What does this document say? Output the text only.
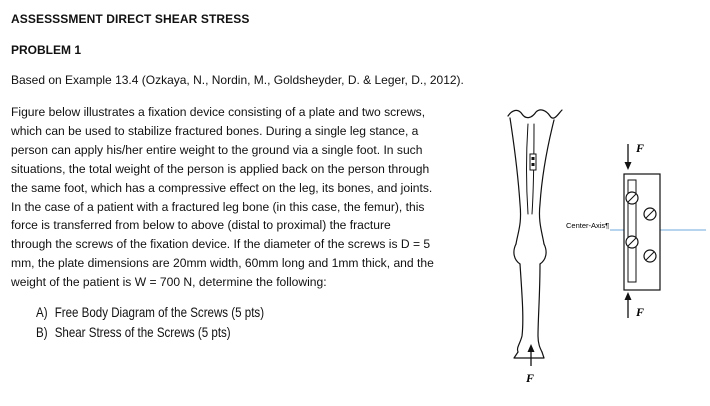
ASSESSSMENT DIRECT SHEAR STRESS
PROBLEM 1
Based on Example 13.4 (Ozkaya, N., Nordin, M., Goldsheyder, D. & Leger, D., 2012).
Figure below illustrates a fixation device consisting of a plate and two screws,
which can be used to stabilize fractured bones. During a single leg stance, a
person can apply his/her entire weight to the ground via a single foot. In such
situations, the total weight of the person is applied back on the person through
the same foot, which has a compressive effect on the leg, its bones, and joints.
In the case of a patient with a fractured leg bone (in this case, the femur), this
force is transferred from below to above (distal to proximal) the fracture
through the screws of the fixation device. If the diameter of the screws is D = 5
mm, the plate dimensions are 20mm width, 60mm long and 1mm thick, and the
weight of the patient is W = 700 N, determine the following:
A) Free Body Diagram of the Screws (5 pts)
B) Shear Stress of the Screws (5 pts)
F
Center-Axis¶
F
F
